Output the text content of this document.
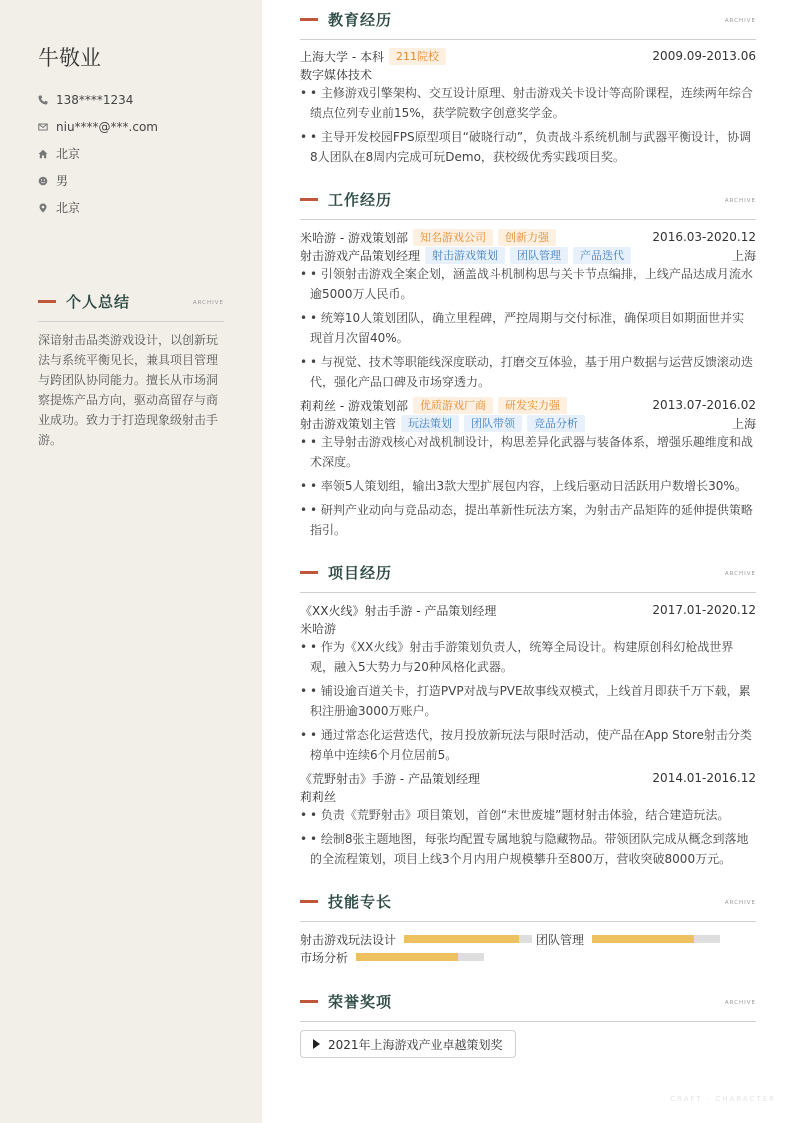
牛敬业
138****1234
niu****@***.com
北京
男
北京
个人总结	ARCHIVE

深谙射击品类游戏设计，以创新玩法与系统平衡见长，兼具项目管理与跨团队协同能力。擅长从市场洞察提炼产品方向，驱动高留存与商业成功。致力于打造现象级射击手游。

教育经历	ARCHIVE
上海大学 - 本科	211院校	2009.09-2013.06
数字媒体技术
• • 主修游戏引擎架构、交互设计原理、射击游戏关卡设计等高阶课程，连续两年综合绩点位列专业前15%，获学院数字创意奖学金。
• • 主导开发校园FPS原型项目“破晓行动”，负责战斗系统机制与武器平衡设计，协调8人团队在8周内完成可玩Demo，获校级优秀实践项目奖。
工作经历	ARCHIVE
米哈游 - 游戏策划部	知名游戏公司	创新力强	2016.03-2020.12
射击游戏产品策划经理	射击游戏策划	团队管理	产品迭代	上海
• • 引领射击游戏全案企划，涵盖战斗机制构思与关卡节点编排，上线产品达成月流水逾5000万人民币。
• • 统筹10人策划团队，确立里程碑，严控周期与交付标准，确保项目如期面世并实现首月次留40%。
• • 与视觉、技术等职能线深度联动，打磨交互体验，基于用户数据与运营反馈滚动迭代，强化产品口碑及市场穿透力。
莉莉丝 - 游戏策划部	优质游戏厂商	研发实力强	2013.07-2016.02
射击游戏策划主管	玩法策划	团队带领	竞品分析	上海
• • 主导射击游戏核心对战机制设计，构思差异化武器与装备体系，增强乐趣维度和战术深度。
• • 率领5人策划组，输出3款大型扩展包内容，上线后驱动日活跃用户数增长30%。
• • 研判产业动向与竞品动态，提出革新性玩法方案，为射击产品矩阵的延伸提供策略指引。
项目经历	ARCHIVE
《XX火线》射击手游 - 产品策划经理	2017.01-2020.12
米哈游
• • 作为《XX火线》射击手游策划负责人，统筹全局设计。构建原创科幻枪战世界观，融入5大势力与20种风格化武器。
• • 铺设逾百道关卡，打造PVP对战与PVE故事线双模式，上线首月即获千万下载，累积注册逾3000万账户。
• • 通过常态化运营迭代，按月投放新玩法与限时活动，使产品在App Store射击分类榜单中连续6个月位居前5。
《荒野射击》手游 - 产品策划经理	2014.01-2016.12
莉莉丝
• • 负责《荒野射击》项目策划，首创“末世废墟”题材射击体验，结合建造玩法。
• • 绘制8张主题地图，每张均配置专属地貌与隐藏物品。带领团队完成从概念到落地的全流程策划，项目上线3个月内用户规模攀升至800万，营收突破8000万元。
技能专长	ARCHIVE
射击游戏玩法设计	团队管理
市场分析
荣誉奖项	ARCHIVE
2021年上海游戏产业卓越策划奖
CRAFT · CHARACTER
